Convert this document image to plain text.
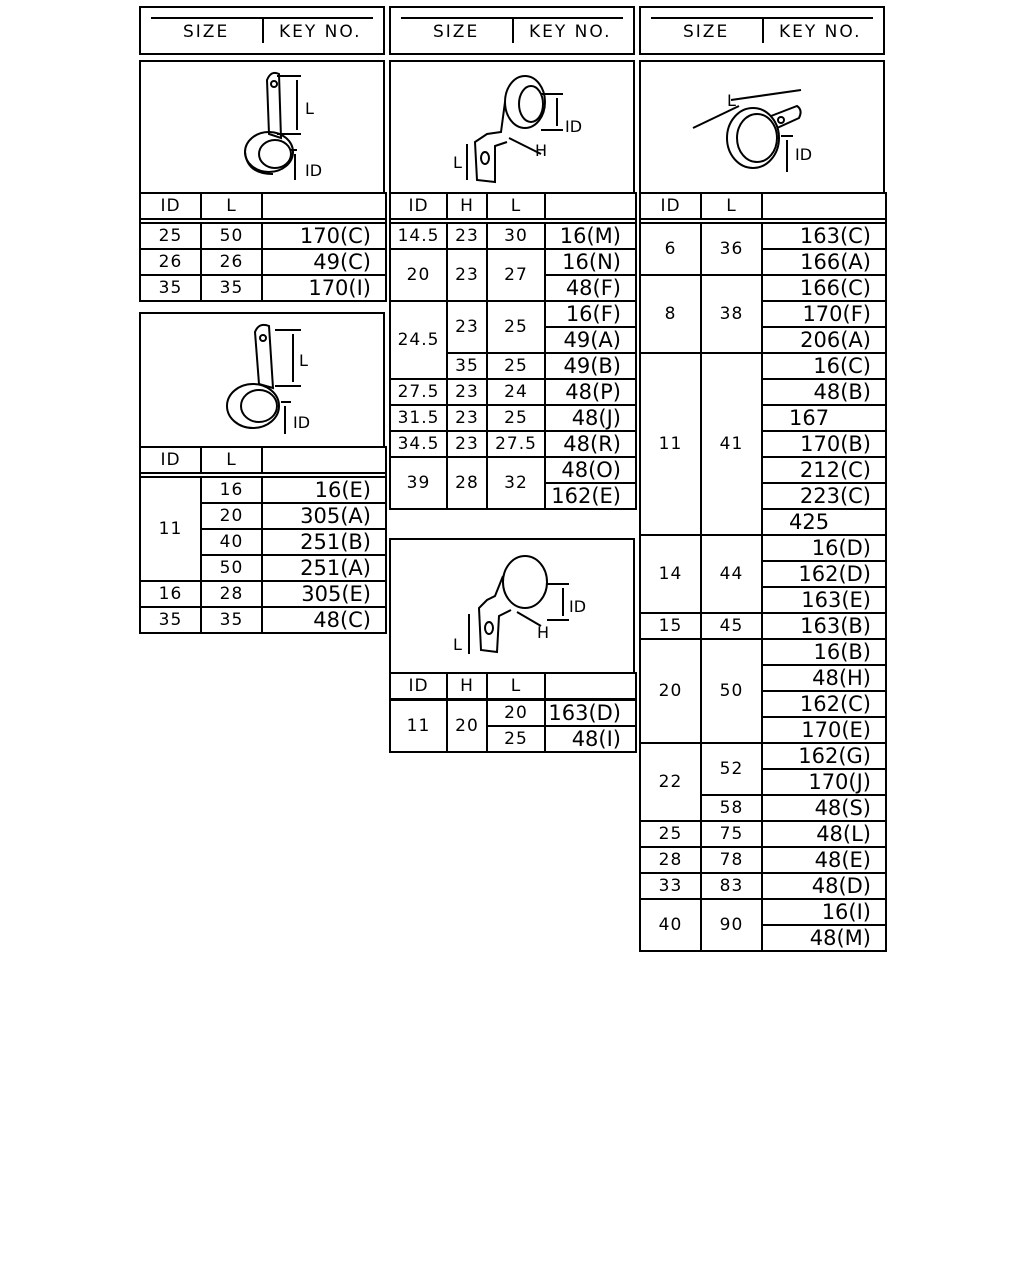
SIZE	KEY NO.	SIZE	KEY NO.	SIZE	KEY NO.
L
ID
ID	L	

25	50	170(C)
26	26	49(C)
35	35	170(I)
L
ID
ID	L	

11	16	16(E)
	20	305(A)
	40	251(B)
	50	251(A)
16	28	305(E)
35	35	48(C)
ID
H
L
ID	H	L	

14.5	23	30	16(M)
20	23	27	16(N)
			48(F)
24.5	23	25	16(F)
			49(A)
	35	25	49(B)
27.5	23	24	48(P)
31.5	23	25	48(J)
34.5	23	27.5	48(R)
39	28	32	48(O)
			162(E)
ID
H
L
ID	H	L	
11	20	20	163(D)
		25	48(I)
L
ID
ID	L	

6	36	163(C)
		166(A)
8	38	166(C)
		170(F)
		206(A)
11	41	16(C)
		48(B)
		167
		170(B)
		212(C)
		223(C)
		425
14	44	16(D)
		162(D)
		163(E)
15	45	163(B)
20	50	16(B)
		48(H)
		162(C)
		170(E)
22	52	162(G)
		170(J)
	58	48(S)
25	75	48(L)
28	78	48(E)
33	83	48(D)
40	90	16(I)
		48(M)
